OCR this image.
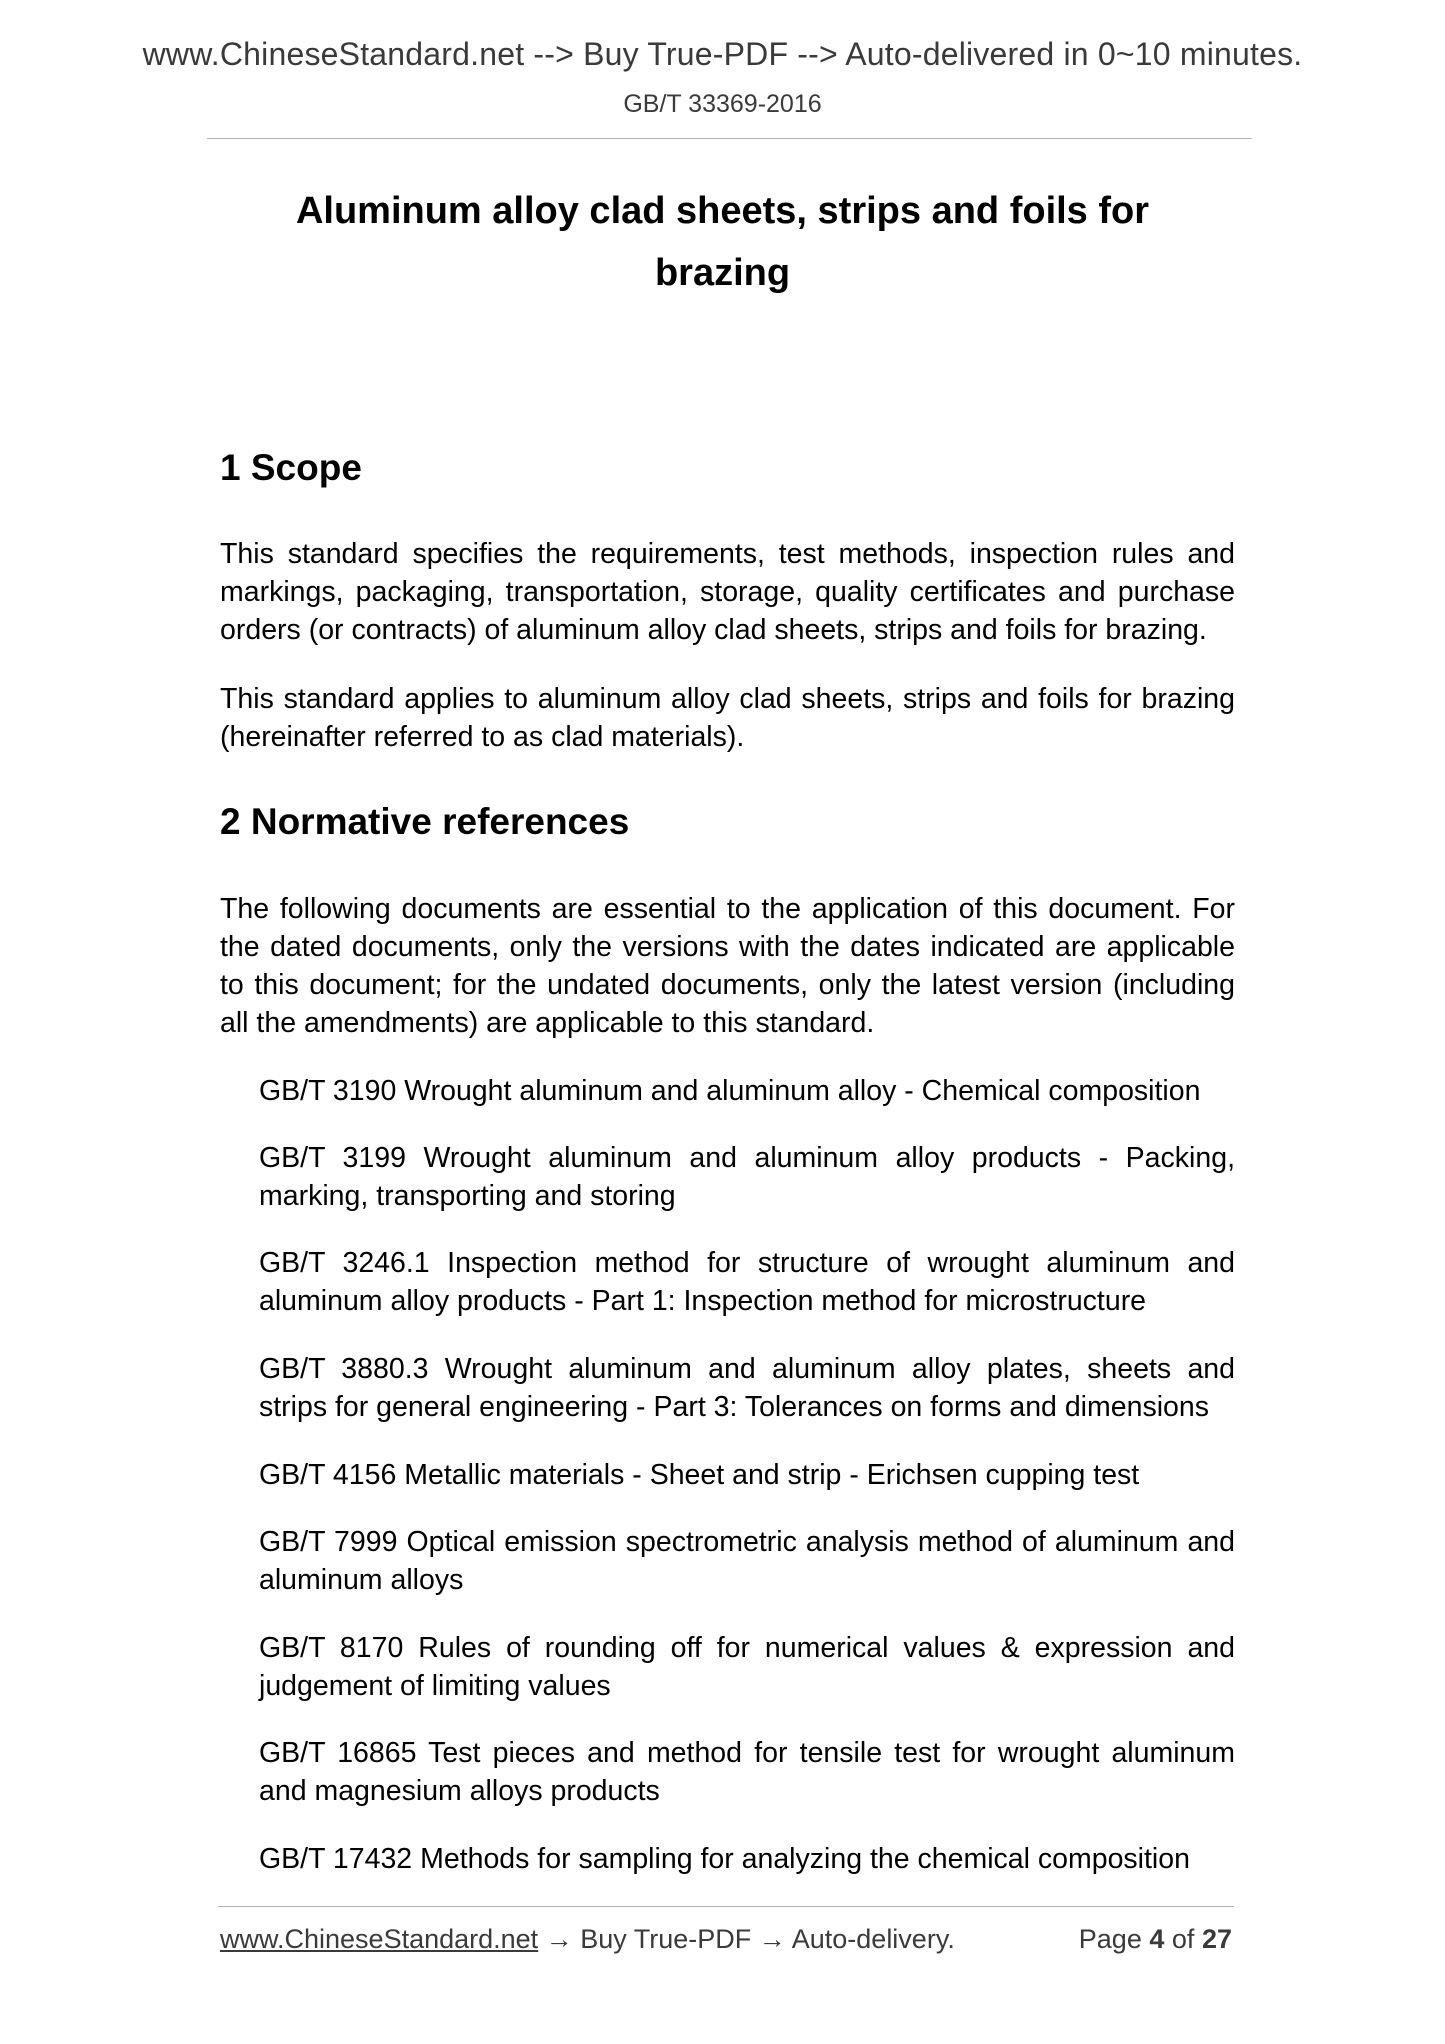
www.ChineseStandard.net --> Buy True-PDF --> Auto-delivered in 0~10 minutes.

GB/T 33369-2016

Aluminum alloy clad sheets, strips and foils for
brazing
1 Scope

This standard specifies the requirements, test methods, inspection rules and markings, packaging, transportation, storage, quality certificates and purchase orders (or contracts) of aluminum alloy clad sheets, strips and foils for brazing.

This standard applies to aluminum alloy clad sheets, strips and foils for brazing (hereinafter referred to as clad materials).

2 Normative references

The following documents are essential to the application of this document. For the dated documents, only the versions with the dates indicated are applicable to this document; for the undated documents, only the latest version (including all the amendments) are applicable to this standard.

GB/T 3190 Wrought aluminum and aluminum alloy - Chemical composition

GB/T 3199 Wrought aluminum and aluminum alloy products - Packing, marking, transporting and storing

GB/T 3246.1 Inspection method for structure of wrought aluminum and aluminum alloy products - Part 1: Inspection method for microstructure

GB/T 3880.3 Wrought aluminum and aluminum alloy plates, sheets and strips for general engineering - Part 3: Tolerances on forms and dimensions

GB/T 4156 Metallic materials - Sheet and strip - Erichsen cupping test

GB/T 7999 Optical emission spectrometric analysis method of aluminum and aluminum alloys

GB/T 8170 Rules of rounding off for numerical values & expression and judgement of limiting values

GB/T 16865 Test pieces and method for tensile test for wrought aluminum and magnesium alloys products

GB/T 17432 Methods for sampling for analyzing the chemical composition

www.ChineseStandard.net → Buy True-PDF → Auto-delivery.	Page 4 of 27
